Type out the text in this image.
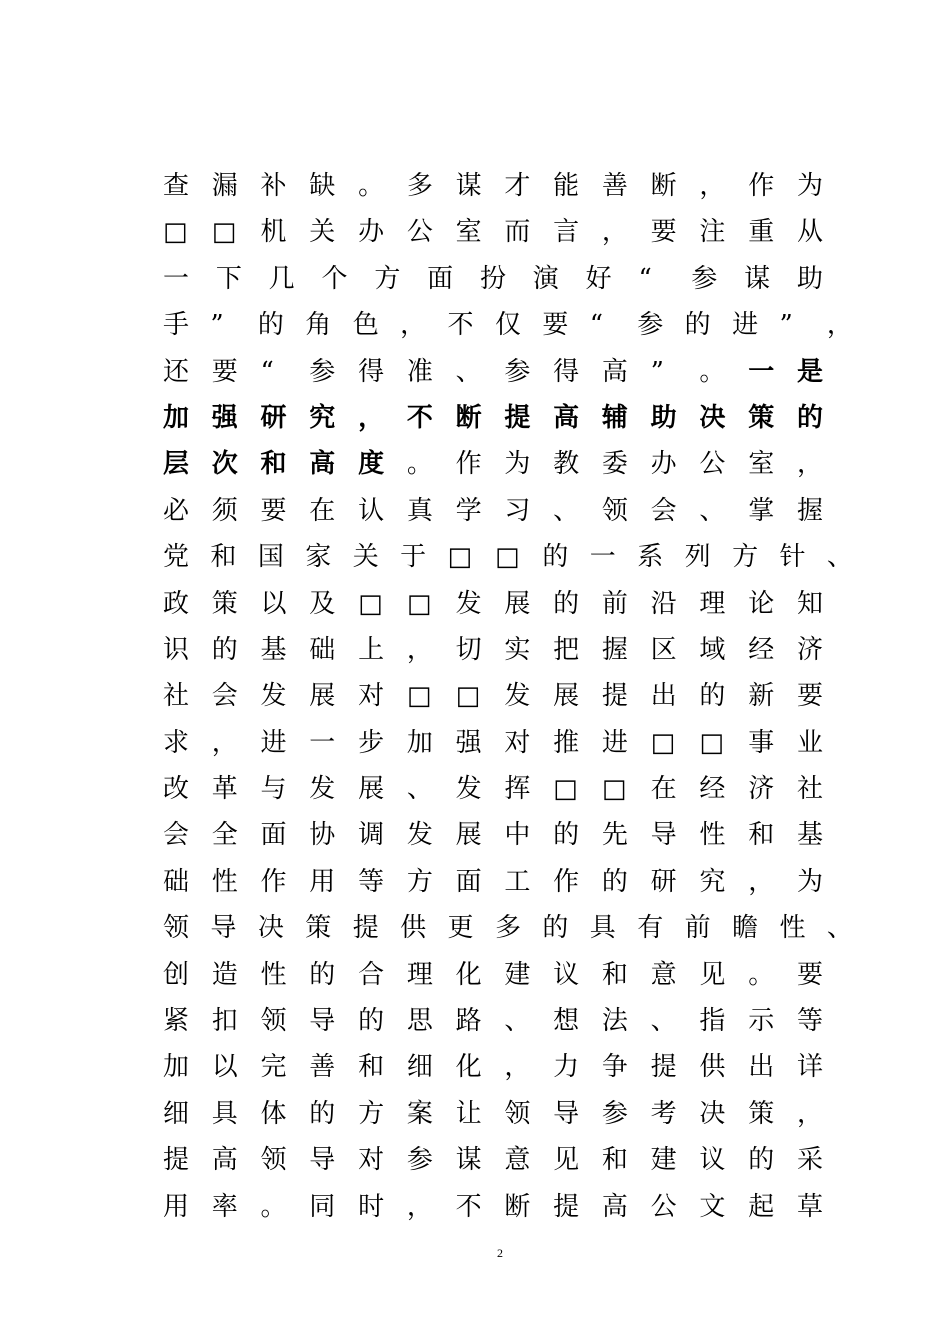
查 漏 补 缺 。 多 谋 才 能 善 断 ， 作 为
□ □ 机 关 办 公 室 而 言 ， 要 注 重 从
一 下 几 个 方 面 扮 演 好 “	参 谋 助
手 ”	的 角 色 ， 不 仅 要 “	参 的 进 ”	，
还 要 “	参 得 准 、 参 得 高 ”	。 一 是
加 强 研 究 ， 不 断 提 高 辅 助 决 策 的
层 次 和 高 度 。 作 为 教 委 办 公 室 ，
必 须 要 在 认 真 学 习 、 领 会 、 掌 握
党 和 国 家 关 于 □ □ 的 一 系 列 方 针 、
政 策 以 及 □ □ 发 展 的 前 沿 理 论 知
识 的 基 础 上 ， 切 实 把 握 区 域 经 济
社 会 发 展 对 □ □ 发 展 提 出 的 新 要
求 ， 进 一 步 加 强 对 推 进 □ □ 事 业
改 革 与 发 展 、 发 挥 □ □ 在 经 济 社
会 全 面 协 调 发 展 中 的 先 导 性 和 基
础 性 作 用 等 方 面 工 作 的 研 究 ， 为
领 导 决 策 提 供 更 多 的 具 有 前 瞻 性 、
创 造 性 的 合 理 化 建 议 和 意 见 。 要
紧 扣 领 导 的 思 路 、 想 法 、 指 示 等
加 以 完 善 和 细 化 ， 力 争 提 供 出 详
细 具 体 的 方 案 让 领 导 参 考 决 策 ，
提 高 领 导 对 参 谋 意 见 和 建 议 的 采
用 率 。 同 时 ， 不 断 提 高 公 文 起 草
2
